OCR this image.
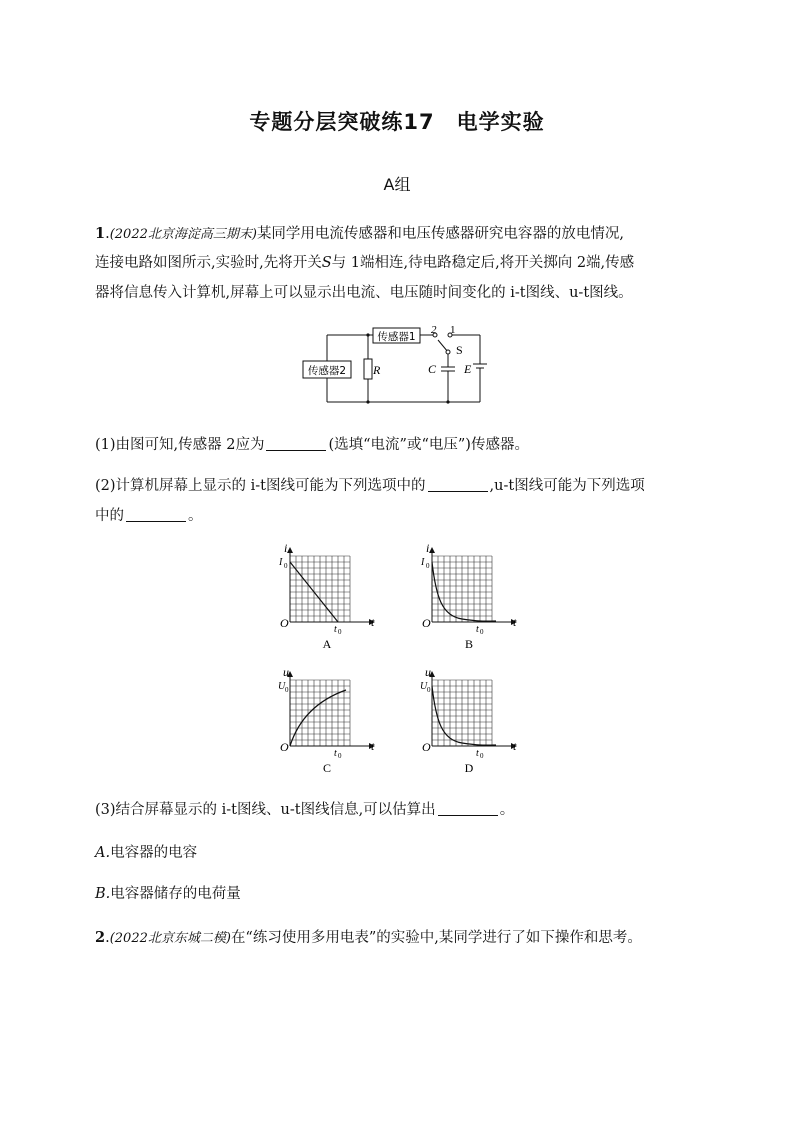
专题分层突破练17　电学实验
A组
1.(2022北京海淀高三期末)某同学用电流传感器和电压传感器研究电容器的放电情况,
连接电路如图所示,实验时,先将开关S与 1端相连,待电路稳定后,将开关掷向 2端,传感
器将信息传入计算机,屏幕上可以显示出电流、电压随时间变化的 i-t图线、u-t图线。
传感器1
传感器2 R	C E
S
2 1
(1)由图可知,传感器 2应为	(选填“电流”或“电压”)传感器。
(2)计算机屏幕上显示的 i-t图线可能为下列选项中的	,u-t图线可能为下列选项
中的	。
i
I 0
O	t 0
t
A
i
I 0
O	t 0
t
B
u
U 0
O	t 0
t
C
u
U 0
O	t 0
t
D
(3)结合屏幕显示的 i-t图线、u-t图线信息,可以估算出	。
A.电容器的电容
B.电容器储存的电荷量
2.(2022北京东城二模)在“练习使用多用电表”的实验中,某同学进行了如下操作和思考。
